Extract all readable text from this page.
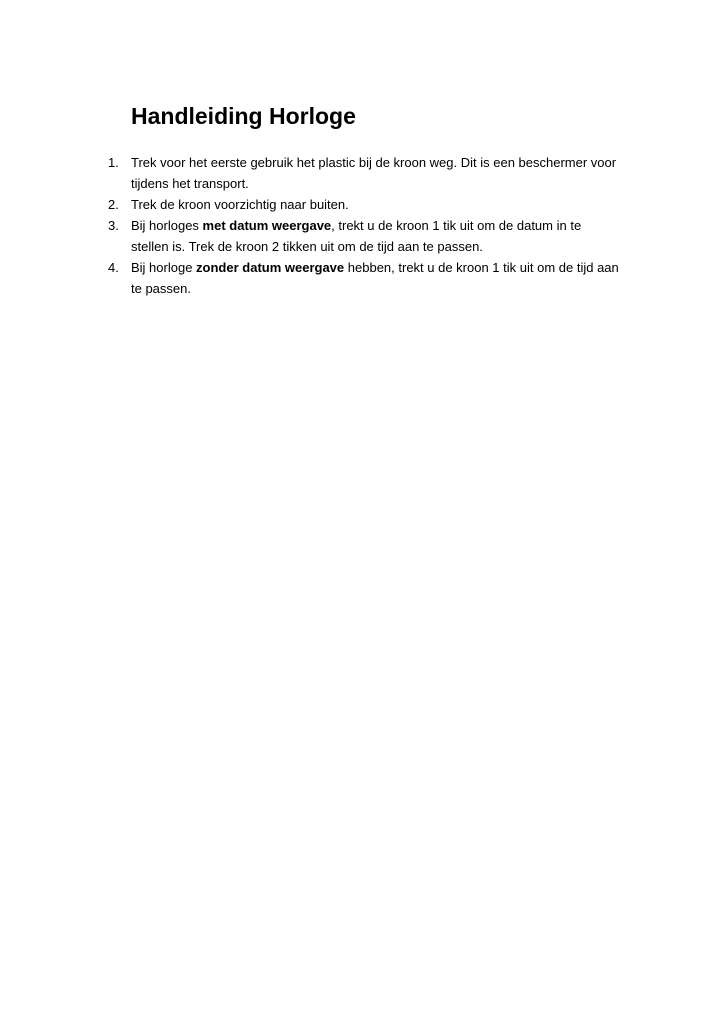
Handleiding Horloge
1. Trek voor het eerste gebruik het plastic bij de kroon weg. Dit is een beschermer voor
tijdens het transport.
2. Trek de kroon voorzichtig naar buiten.
3. Bij horloges met datum weergave, trekt u de kroon 1 tik uit om de datum in te
stellen is. Trek de kroon 2 tikken uit om de tijd aan te passen.
4. Bij horloge zonder datum weergave hebben, trekt u de kroon 1 tik uit om de tijd aan
te passen.
